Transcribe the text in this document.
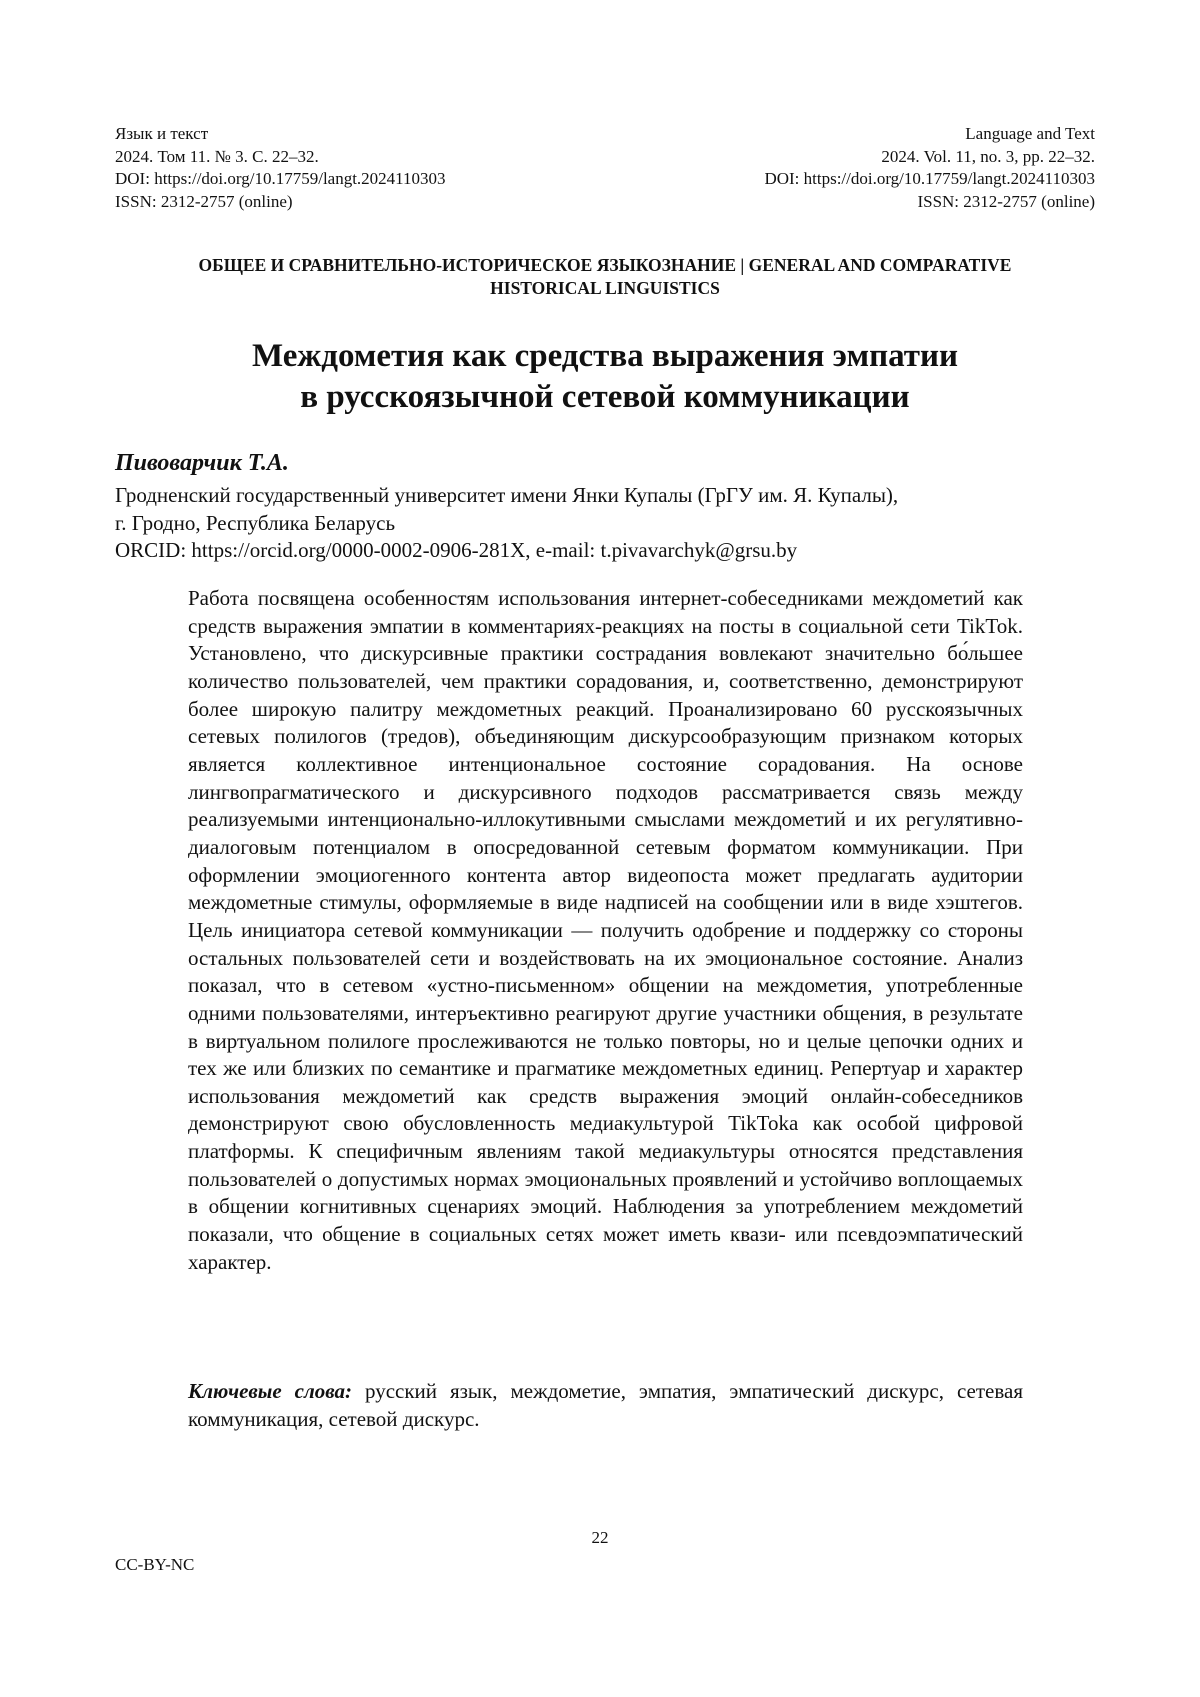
Язык и текст
2024. Том 11. № 3. С. 22–32.
DOI: https://doi.org/10.17759/langt.2024110303
ISSN: 2312-2757 (online)
Language and Text
2024. Vol. 11, no. 3, pp. 22–32.
DOI: https://doi.org/10.17759/langt.2024110303
ISSN: 2312-2757 (online)
ОБЩЕЕ И СРАВНИТЕЛЬНО-ИСТОРИЧЕСКОЕ ЯЗЫКОЗНАНИЕ | GENERAL AND COMPARATIVE
HISTORICAL LINGUISTICS
Междометия как средства выражения эмпатии
в русскоязычной сетевой коммуникации
Пивоварчик Т.А.
Гродненский государственный университет имени Янки Купалы (ГрГУ им. Я. Купалы),
г. Гродно, Республика Беларусь
ORCID: https://orcid.org/0000-0002-0906-281X, e-mail: t.pivavarchyk@grsu.by
Работа посвящена особенностям использования интернет-собеседниками междометий как средств выражения эмпатии в комментариях-реакциях на посты в социальной сети TikTok. Установлено, что дискурсивные практики сострадания вовлекают значительно бо́льшее количество пользователей, чем практики сорадования, и, соответственно, демонстрируют более широкую палитру междометных реакций. Проанализировано 60 русскоязычных сетевых полилогов (тредов), объединяющим дискурсообразующим признаком которых является коллективное интенциональное состояние сорадования. На основе лингвопрагматического и дискурсивного подходов рассматривается связь между реализуемыми интенционально-иллокутивными смыслами междометий и их регулятивно-диалоговым потенциалом в опосредованной сетевым форматом коммуникации. При оформлении эмоциогенного контента автор видеопоста может предлагать аудитории междометные стимулы, оформляемые в виде надписей на сообщении или в виде хэштегов. Цель инициатора сетевой коммуникации — получить одобрение и поддержку со стороны остальных пользователей сети и воздействовать на их эмоциональное состояние. Анализ показал, что в сетевом «устно-письменном» общении на междометия, употребленные одними пользователями, интеръективно реагируют другие участники общения, в результате в виртуальном полилоге прослеживаются не только повторы, но и целые цепочки одних и тех же или близких по семантике и прагматике междометных единиц. Репертуар и характер использования междометий как средств выражения эмоций онлайн-собеседников демонстрируют свою обусловленность медиакультурой TikTokа как особой цифровой платформы. К специфичным явлениям такой медиакультуры относятся представления пользователей о допустимых нормах эмоциональных проявлений и устойчиво воплощаемых в общении когнитивных сценариях эмоций. Наблюдения за употреблением междометий показали, что общение в социальных сетях может иметь квази- или псевдоэмпатический характер.
Ключевые слова: русский язык, междометие, эмпатия, эмпатический дискурс, сетевая коммуникация, сетевой дискурс.
22
CC-BY-NC
